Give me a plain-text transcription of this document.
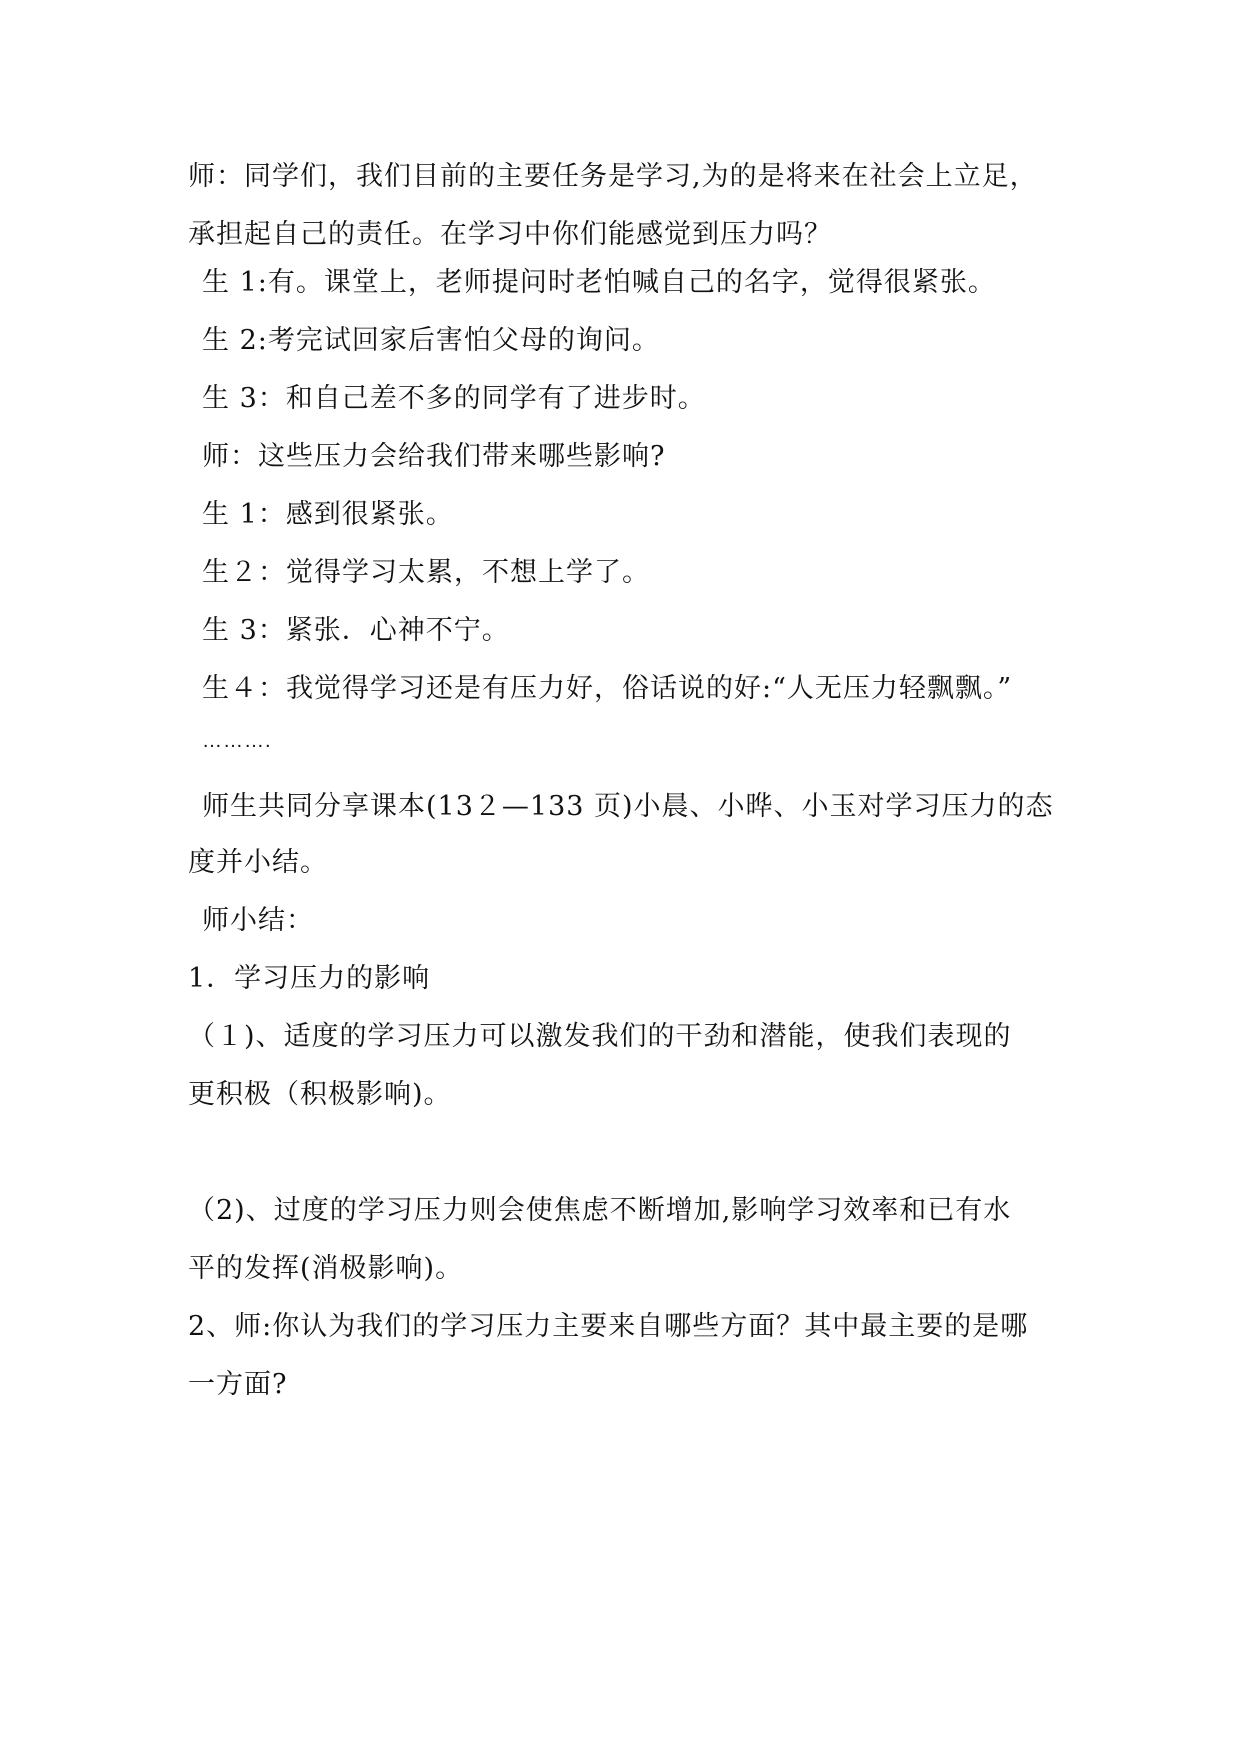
师：同学们，我们目前的主要任务是学习,为的是将来在社会上立足，
承担起自己的责任。在学习中你们能感觉到压力吗？
生 1:有。课堂上，老师提问时老怕喊自己的名字，觉得很紧张。
生 2:考完试回家后害怕父母的询问。
生 3：和自己差不多的同学有了进步时。
师：这些压力会给我们带来哪些影响?
生 1：感到很紧张。
生２：觉得学习太累，不想上学了。
生 3：紧张．心神不宁。
生４：我觉得学习还是有压力好，俗话说的好:“人无压力轻飘飘。”
……….
师生共同分享课本(13２—133 页)小晨、小晔、小玉对学习压力的态
度并小结。
师小结：
1．学习压力的影响
（１)、适度的学习压力可以激发我们的干劲和潜能，使我们表现的
更积极（积极影响)。
（2)、过度的学习压力则会使焦虑不断增加,影响学习效率和已有水
平的发挥(消极影响)。
2、师:你认为我们的学习压力主要来自哪些方面？其中最主要的是哪
一方面?
